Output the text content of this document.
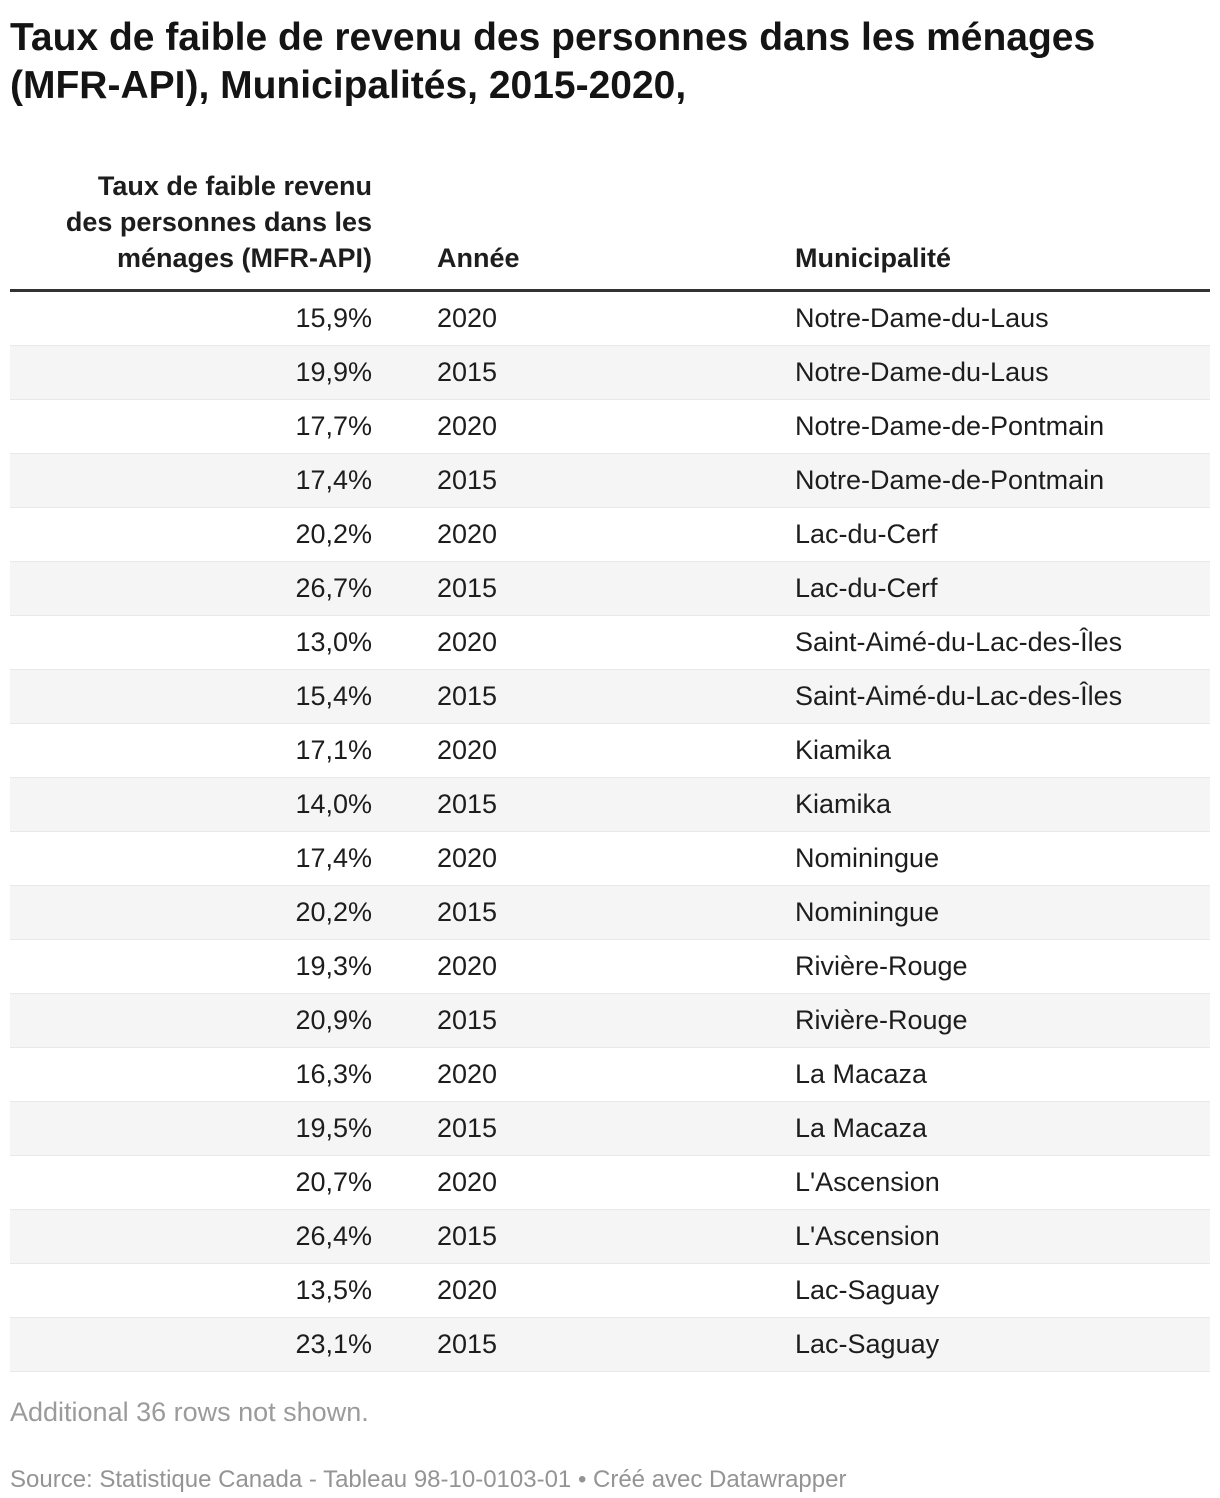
Taux de faible de revenu des personnes dans les ménages (MFR-API), Municipalités, 2015-2020,
Taux de faible revenu des personnes dans les ménages (MFR-API)	Année	Municipalité
15,9%	2020	Notre-Dame-du-Laus
19,9%	2015	Notre-Dame-du-Laus
17,7%	2020	Notre-Dame-de-Pontmain
17,4%	2015	Notre-Dame-de-Pontmain
20,2%	2020	Lac-du-Cerf
26,7%	2015	Lac-du-Cerf
13,0%	2020	Saint-Aimé-du-Lac-des-Îles
15,4%	2015	Saint-Aimé-du-Lac-des-Îles
17,1%	2020	Kiamika
14,0%	2015	Kiamika
17,4%	2020	Nominingue
20,2%	2015	Nominingue
19,3%	2020	Rivière-Rouge
20,9%	2015	Rivière-Rouge
16,3%	2020	La Macaza
19,5%	2015	La Macaza
20,7%	2020	L'Ascension
26,4%	2015	L'Ascension
13,5%	2020	Lac-Saguay
23,1%	2015	Lac-Saguay

Additional 36 rows not shown.

Source: Statistique Canada - Tableau 98-10-0103-01 • Créé avec Datawrapper
